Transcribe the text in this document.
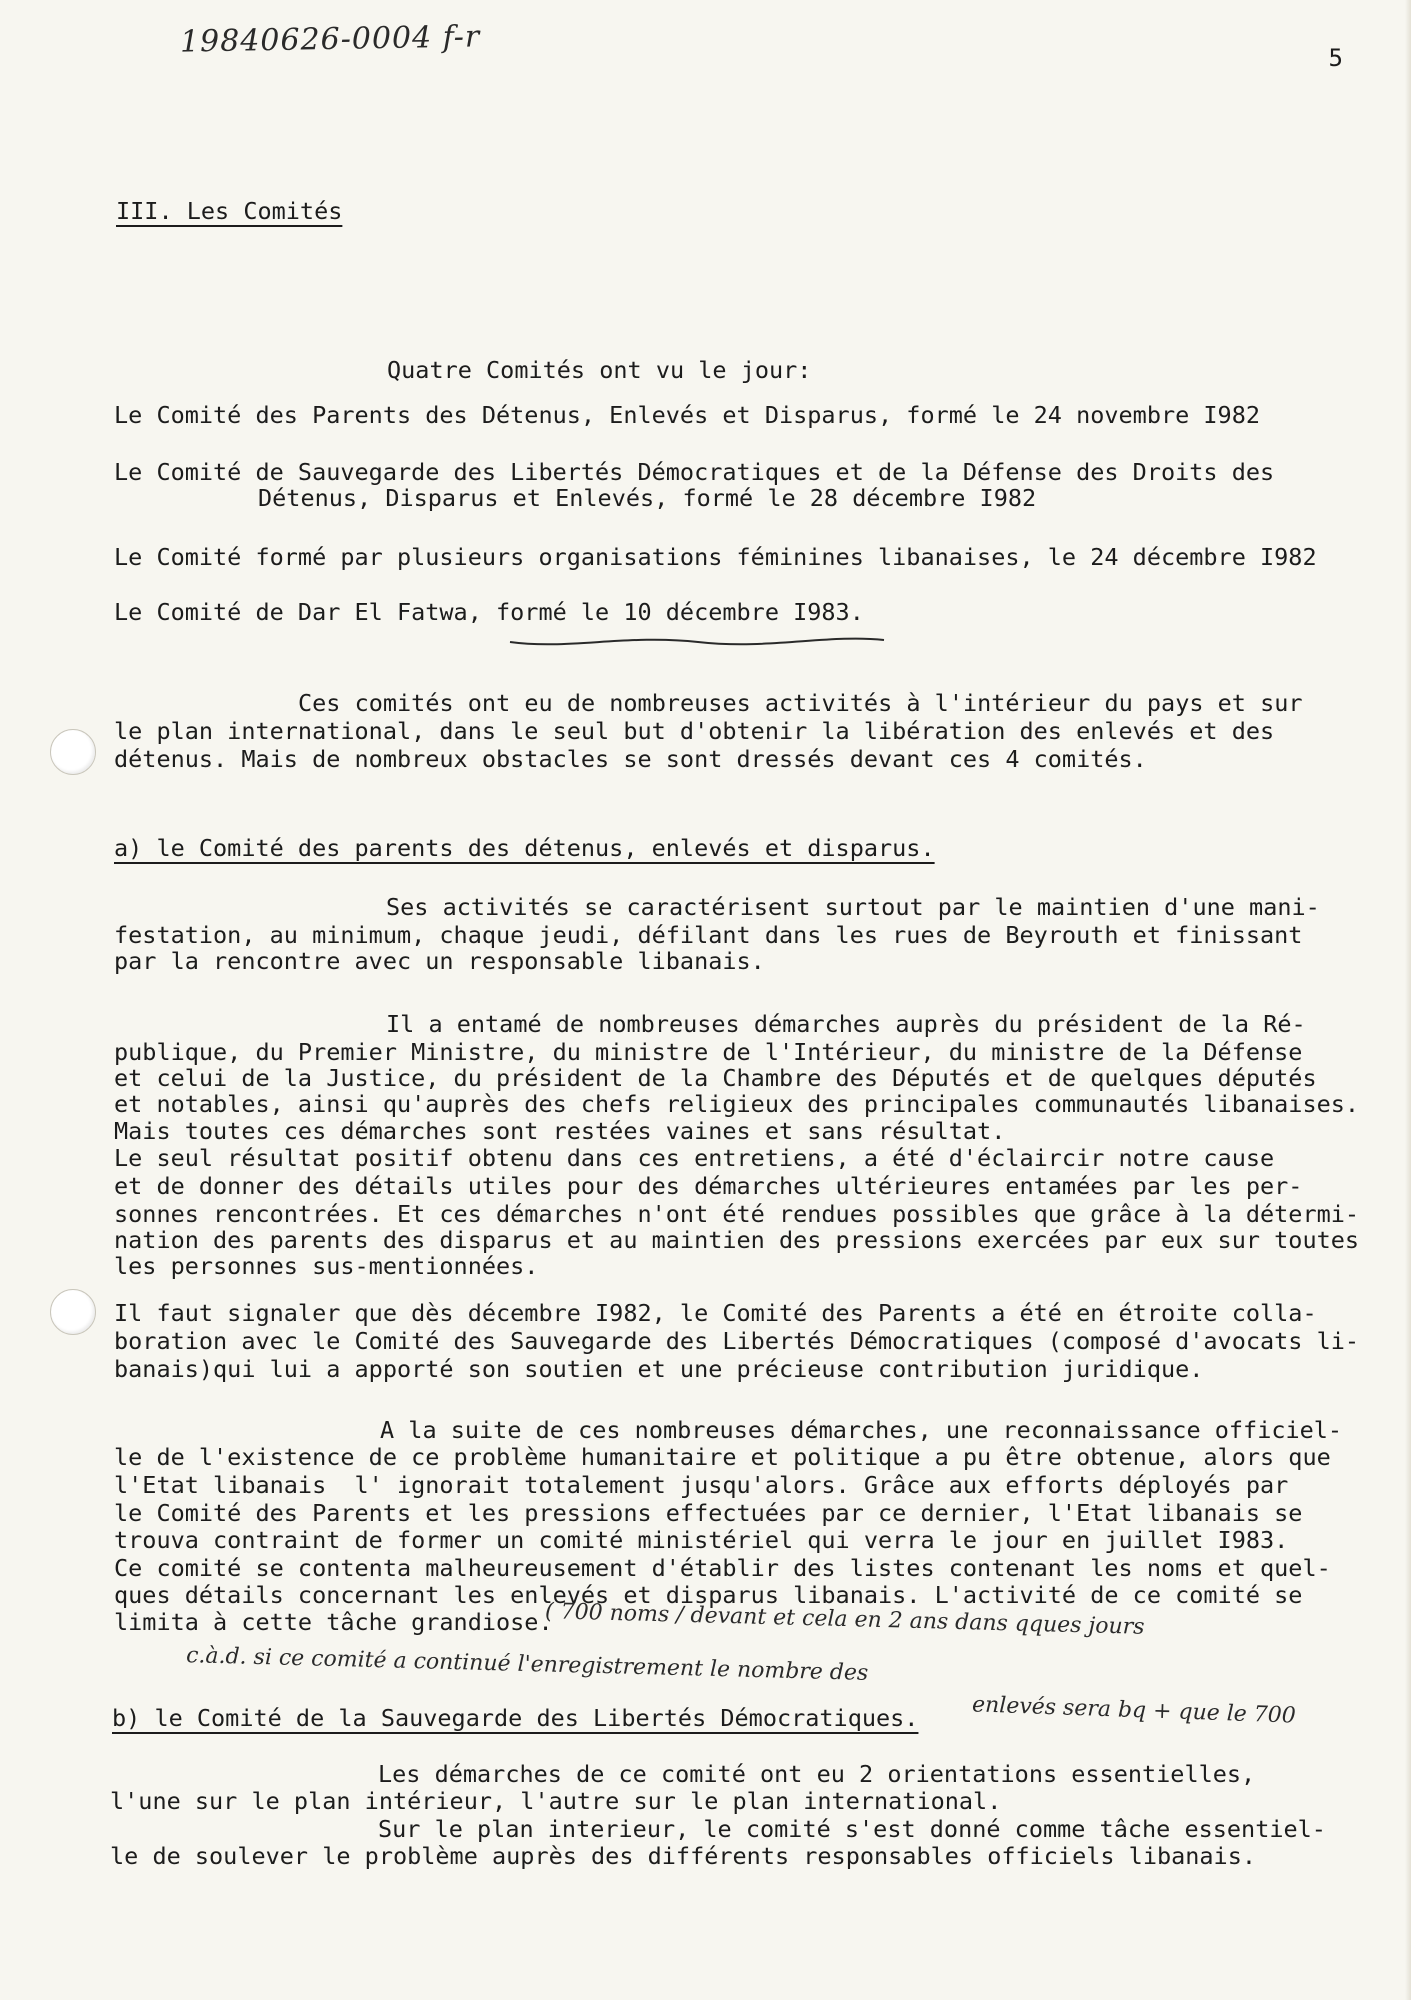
19840626-0004 f-r	5
III. Les Comités
Quatre Comités ont vu le jour:
Le Comité des Parents des Détenus, Enlevés et Disparus, formé le 24 novembre I982
Le Comité de Sauvegarde des Libertés Démocratiques et de la Défense des Droits des
Détenus, Disparus et Enlevés, formé le 28 décembre I982
Le Comité formé par plusieurs organisations féminines libanaises, le 24 décembre I982
Le Comité de Dar El Fatwa, formé le 10 décembre I983.
Ces comités ont eu de nombreuses activités à l'intérieur du pays et sur
le plan international, dans le seul but d'obtenir la libération des enlevés et des
détenus. Mais de nombreux obstacles se sont dressés devant ces 4 comités.
a) le Comité des parents des détenus, enlevés et disparus.
Ses activités se caractérisent surtout par le maintien d'une mani-
festation, au minimum, chaque jeudi, défilant dans les rues de Beyrouth et finissant
par la rencontre avec un responsable libanais.
Il a entamé de nombreuses démarches auprès du président de la Ré-
publique, du Premier Ministre, du ministre de l'Intérieur, du ministre de la Défense
et celui de la Justice, du président de la Chambre des Députés et de quelques députés
et notables, ainsi qu'auprès des chefs religieux des principales communautés libanaises.
Mais toutes ces démarches sont restées vaines et sans résultat.
Le seul résultat positif obtenu dans ces entretiens, a été d'éclaircir notre cause
et de donner des détails utiles pour des démarches ultérieures entamées par les per-
sonnes rencontrées. Et ces démarches n'ont été rendues possibles que grâce à la détermi-
nation des parents des disparus et au maintien des pressions exercées par eux sur toutes
les personnes sus-mentionnées.
Il faut signaler que dès décembre I982, le Comité des Parents a été en étroite colla-
boration avec le Comité des Sauvegarde des Libertés Démocratiques (composé d'avocats li-
banais)qui lui a apporté son soutien et une précieuse contribution juridique.
A la suite de ces nombreuses démarches, une reconnaissance officiel-
le de l'existence de ce problème humanitaire et politique a pu être obtenue, alors que
l'Etat libanais  l' ignorait totalement jusqu'alors. Grâce aux efforts déployés par
le Comité des Parents et les pressions effectuées par ce dernier, l'Etat libanais se
trouva contraint de former un comité ministériel qui verra le jour en juillet I983.
Ce comité se contenta malheureusement d'établir des listes contenant les noms et quel-
ques détails concernant les enlevés et disparus libanais. L'activité de ce comité se
limita à cette tâche grandiose.
( 700 noms / devant et cela en 2 ans dans qques jours
c.à.d. si ce comité a continué l'enregistrement le nombre des
enlevés sera bq + que le 700
b) le Comité de la Sauvegarde des Libertés Démocratiques.
Les démarches de ce comité ont eu 2 orientations essentielles,
l'une sur le plan intérieur, l'autre sur le plan international.
Sur le plan interieur, le comité s'est donné comme tâche essentiel-
le de soulever le problème auprès des différents responsables officiels libanais.
